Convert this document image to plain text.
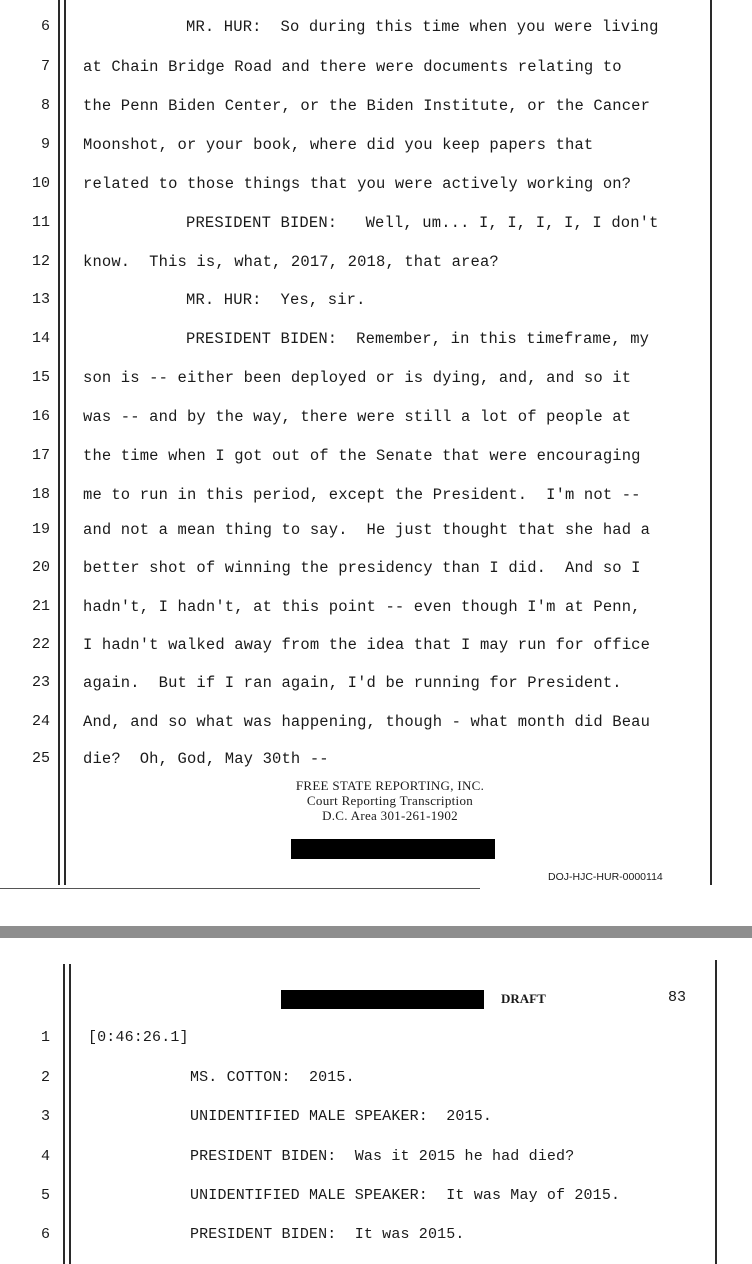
6	MR. HUR:  So during this time when you were living
7 at Chain Bridge Road and there were documents relating to
8 the Penn Biden Center, or the Biden Institute, or the Cancer
9 Moonshot, or your book, where did you keep papers that
10 related to those things that you were actively working on?
11	PRESIDENT BIDEN:   Well, um... I, I, I, I, I don't
12 know.  This is, what, 2017, 2018, that area?
13	MR. HUR:  Yes, sir.
14	PRESIDENT BIDEN:  Remember, in this timeframe, my
15 son is -- either been deployed or is dying, and, and so it
16 was -- and by the way, there were still a lot of people at
17 the time when I got out of the Senate that were encouraging
18 me to run in this period, except the President.  I'm not --
19 and not a mean thing to say.  He just thought that she had a
20 better shot of winning the presidency than I did.  And so I
21 hadn't, I hadn't, at this point -- even though I'm at Penn,
22 I hadn't walked away from the idea that I may run for office
23 again.  But if I ran again, I'd be running for President.
24 And, and so what was happening, though - what month did Beau
25 die?  Oh, God, May 30th --
FREE STATE REPORTING, INC.
Court Reporting Transcription
D.C. Area 301-261-1902
DOJ-HJC-HUR-0000114
DRAFT	83
1	[0:46:26.1]
2	MS. COTTON:  2015.
3	UNIDENTIFIED MALE SPEAKER:  2015.
4	PRESIDENT BIDEN:  Was it 2015 he had died?
5	UNIDENTIFIED MALE SPEAKER:  It was May of 2015.
6	PRESIDENT BIDEN:  It was 2015.
